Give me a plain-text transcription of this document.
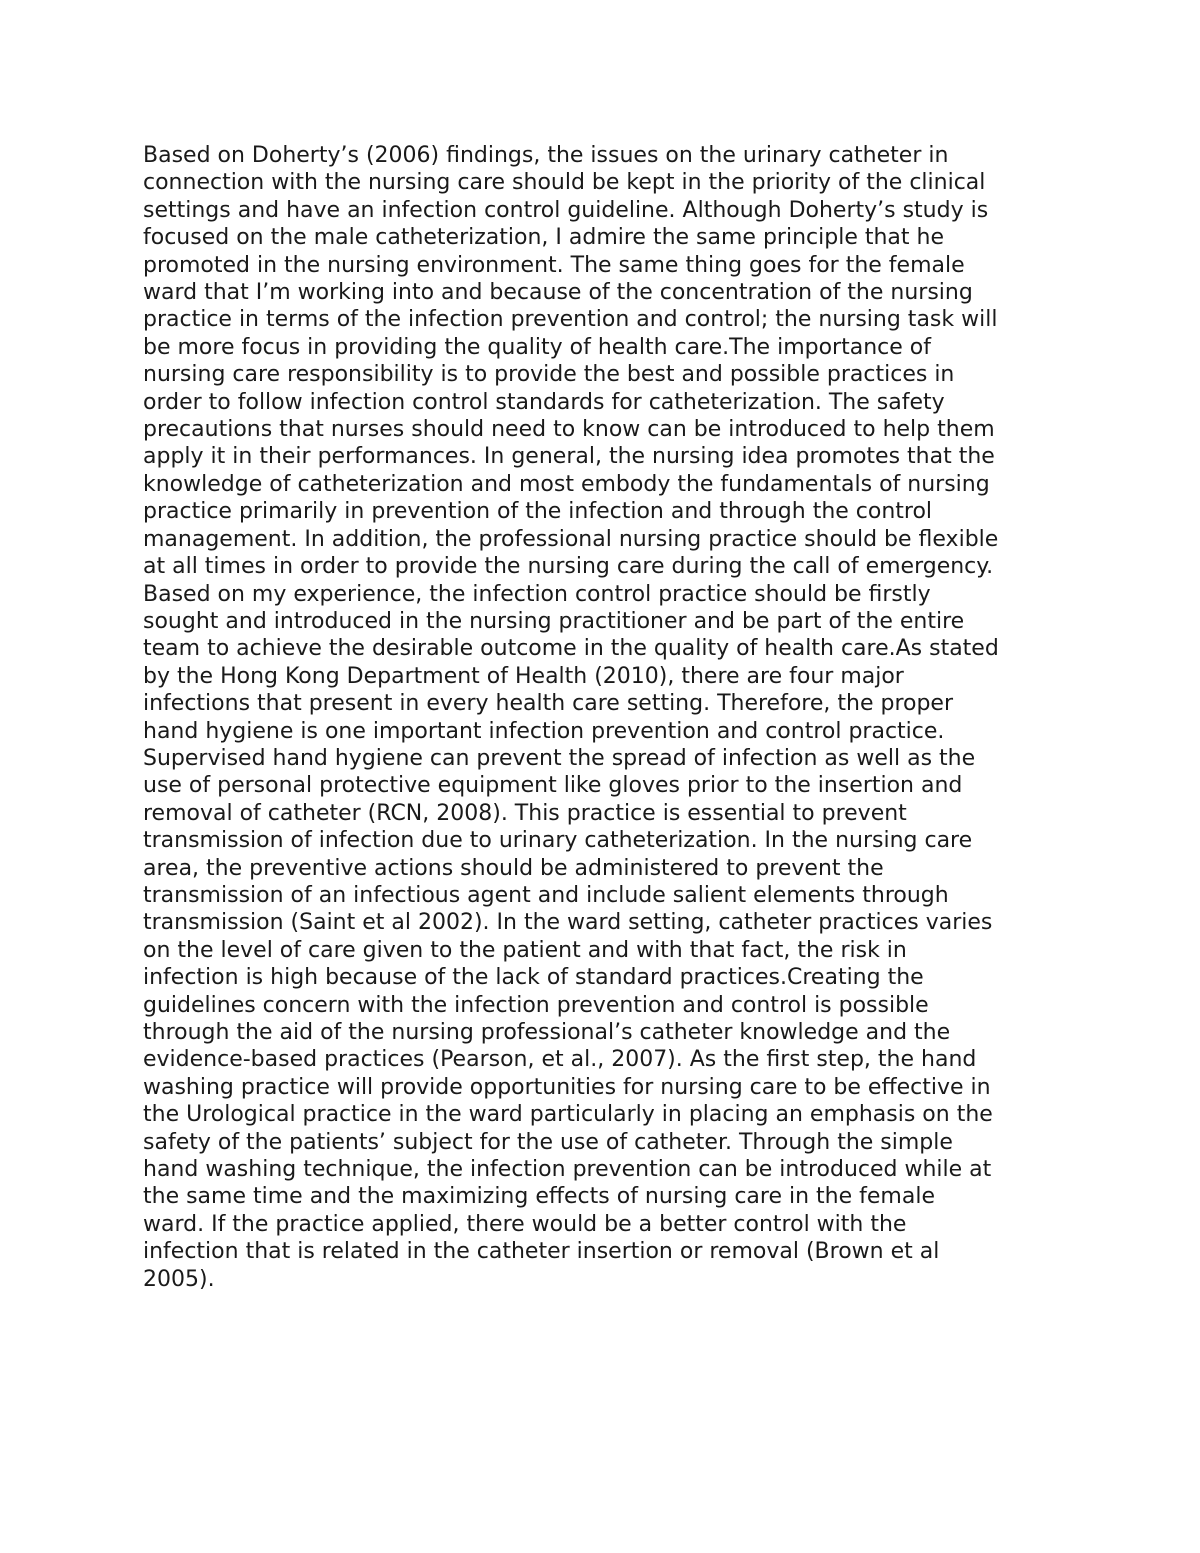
Based on Doherty’s (2006) findings, the issues on the urinary catheter in
connection with the nursing care should be kept in the priority of the clinical
settings and have an infection control guideline. Although Doherty’s study is
focused on the male catheterization, I admire the same principle that he
promoted in the nursing environment. The same thing goes for the female
ward that I’m working into and because of the concentration of the nursing
practice in terms of the infection prevention and control; the nursing task will
be more focus in providing the quality of health care.The importance of
nursing care responsibility is to provide the best and possible practices in
order to follow infection control standards for catheterization. The safety
precautions that nurses should need to know can be introduced to help them
apply it in their performances. In general, the nursing idea promotes that the
knowledge of catheterization and most embody the fundamentals of nursing
practice primarily in prevention of the infection and through the control
management. In addition, the professional nursing practice should be flexible
at all times in order to provide the nursing care during the call of emergency.
Based on my experience, the infection control practice should be firstly
sought and introduced in the nursing practitioner and be part of the entire
team to achieve the desirable outcome in the quality of health care.As stated
by the Hong Kong Department of Health (2010), there are four major
infections that present in every health care setting. Therefore, the proper
hand hygiene is one important infection prevention and control practice.
Supervised hand hygiene can prevent the spread of infection as well as the
use of personal protective equipment like gloves prior to the insertion and
removal of catheter (RCN, 2008). This practice is essential to prevent
transmission of infection due to urinary catheterization. In the nursing care
area, the preventive actions should be administered to prevent the
transmission of an infectious agent and include salient elements through
transmission (Saint et al 2002). In the ward setting, catheter practices varies
on the level of care given to the patient and with that fact, the risk in
infection is high because of the lack of standard practices.Creating the
guidelines concern with the infection prevention and control is possible
through the aid of the nursing professional’s catheter knowledge and the
evidence-based practices (Pearson, et al., 2007). As the first step, the hand
washing practice will provide opportunities for nursing care to be effective in
the Urological practice in the ward particularly in placing an emphasis on the
safety of the patients’ subject for the use of catheter. Through the simple
hand washing technique, the infection prevention can be introduced while at
the same time and the maximizing effects of nursing care in the female
ward. If the practice applied, there would be a better control with the
infection that is related in the catheter insertion or removal (Brown et al
2005).
